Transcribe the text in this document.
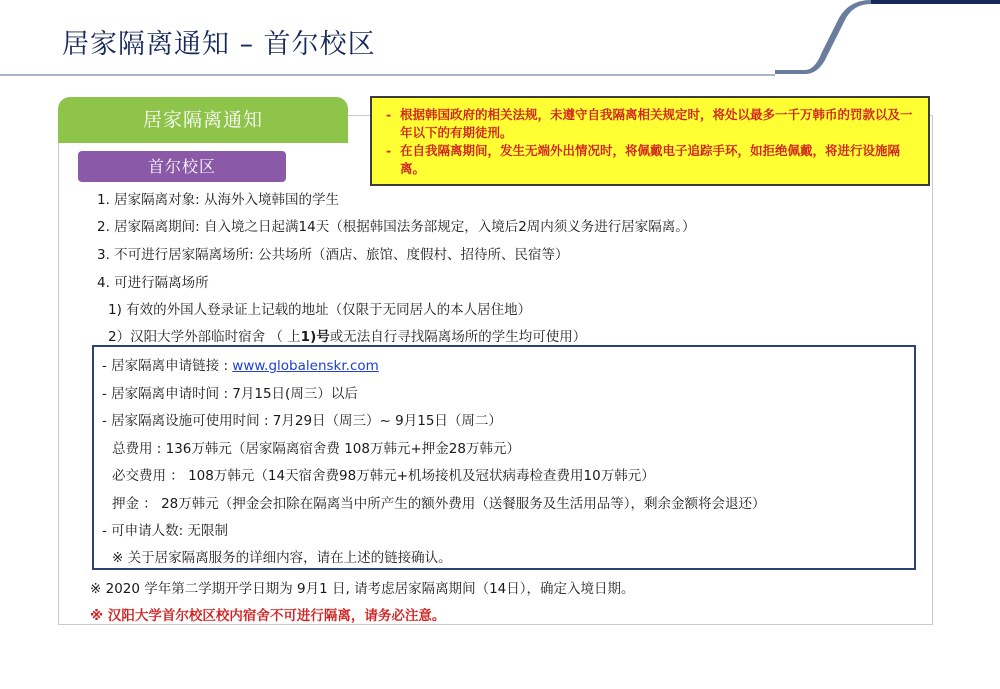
居家隔离通知 – 首尔校区
居家隔离通知
首尔校区
- 根据韩国政府的相关法规，未遵守自我隔离相关规定时，将处以最多一千万韩币的罚款以及一年以下的有期徒刑。
- 在自我隔离期间，发生无端外出情况时，将佩戴电子追踪手环，如拒绝佩戴，将进行设施隔离。
1. 居家隔离对象: 从海外入境韩国的学生
2. 居家隔离期间: 自入境之日起满14天（根据韩国法务部规定，入境后2周内须义务进行居家隔离。）
3. 不可进行居家隔离场所: 公共场所（酒店、旅馆、度假村、招待所、民宿等）
4. 可进行隔离场所
1) 有效的外国人登录证上记载的地址（仅限于无同居人的本人居住地）
2）汉阳大学外部临时宿舍 （ 上1)号或无法自行寻找隔离场所的学生均可使用）
- 居家隔离申请链接 : www.globalenskr.com
- 居家隔离申请时间 : 7月15日(周三）以后
- 居家隔离设施可使用时间 : 7月29日（周三）~ 9月15日（周二）
总费用 : 136万韩元（居家隔离宿舍费 108万韩元+押金28万韩元）
必交费用 ： 108万韩元（14天宿舍费98万韩元+机场接机及冠状病毒检查费用10万韩元）
押金 ： 28万韩元（押金会扣除在隔离当中所产生的额外费用（送餐服务及生活用品等），剩余金额将会退还）
- 可申请人数: 无限制
※ 关于居家隔离服务的详细内容，请在上述的链接确认。
※ 2020 学年第二学期开学日期为 9月1 日, 请考虑居家隔离期间（14日），确定入境日期。
※ 汉阳大学首尔校区校内宿舍不可进行隔离，请务必注意。
